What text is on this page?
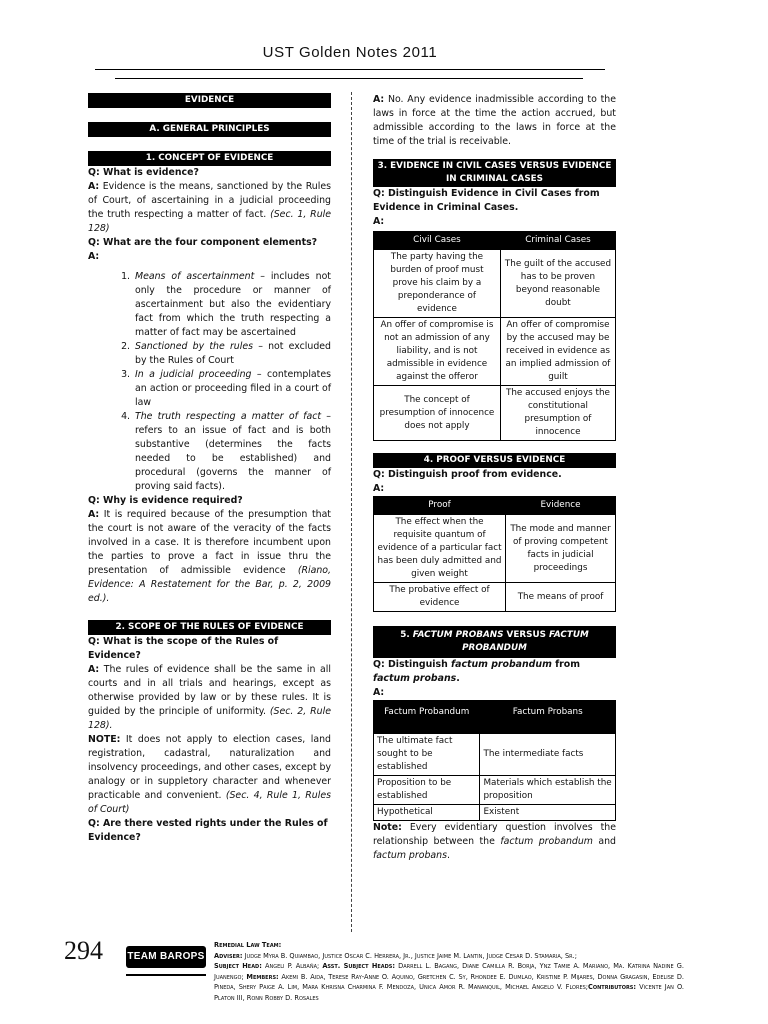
UST Golden Notes 2011
EVIDENCE
A. GENERAL PRINCIPLES
1. CONCEPT OF EVIDENCE

Q: What is evidence?

A: Evidence is the means, sanctioned by the Rules of Court, of ascertaining in a judicial proceeding the truth respecting a matter of fact. (Sec. 1, Rule 128)

Q: What are the four component elements?

A:

1. Means of ascertainment – includes not only the procedure or manner of ascertainment but also the evidentiary fact from which the truth respecting a matter of fact may be ascertained
2. Sanctioned by the rules – not excluded by the Rules of Court
3. In a judicial proceeding – contemplates an action or proceeding filed in a court of law
4. The truth respecting a matter of fact – refers to an issue of fact and is both substantive (determines the facts needed to be established) and procedural (governs the manner of proving said facts).

Q: Why is evidence required?

A: It is required because of the presumption that the court is not aware of the veracity of the facts involved in a case. It is therefore incumbent upon the parties to prove a fact in issue thru the presentation of admissible evidence (Riano, Evidence: A Restatement for the Bar, p. 2, 2009 ed.).

2. SCOPE OF THE RULES OF EVIDENCE

Q: What is the scope of the Rules of Evidence?

A: The rules of evidence shall be the same in all courts and in all trials and hearings, except as otherwise provided by law or by these rules. It is guided by the principle of uniformity. (Sec. 2, Rule 128).

NOTE: It does not apply to election cases, land registration, cadastral, naturalization and insolvency proceedings, and other cases, except by analogy or in suppletory character and whenever practicable and convenient. (Sec. 4, Rule 1, Rules of Court)

Q: Are there vested rights under the Rules of Evidence?

A: No. Any evidence inadmissible according to the laws in force at the time the action accrued, but admissible according to the laws in force at the time of the trial is receivable.

3. EVIDENCE IN CIVIL CASES VERSUS EVIDENCE IN CRIMINAL CASES

Q: Distinguish Evidence in Civil Cases from Evidence in Criminal Cases.

A:

Civil Cases	Criminal Cases
The party having the burden of proof must prove his claim by a preponderance of evidence	The guilt of the accused has to be proven beyond reasonable doubt
An offer of compromise is not an admission of any liability, and is not admissible in evidence against the offeror	An offer of compromise by the accused may be received in evidence as an implied admission of guilt
The concept of presumption of innocence does not apply	The accused enjoys the constitutional presumption of innocence
4. PROOF VERSUS EVIDENCE

Q: Distinguish proof from evidence.

A:

Proof	Evidence
The effect when the requisite quantum of evidence of a particular fact has been duly admitted and given weight	The mode and manner of proving competent facts in judicial proceedings
The probative effect of evidence	The means of proof
5. FACTUM PROBANS VERSUS FACTUM PROBANDUM

Q: Distinguish factum probandum from factum probans.

A:

Factum Probandum	Factum Probans
The ultimate fact sought to be established	The intermediate facts
Proposition to be established	Materials which establish the proposition
Hypothetical	Existent

Note: Every evidentiary question involves the relationship between the factum probandum and factum probans.

294 TEAM BAROPS
Remedial Law Team:
Adviser: Judge Myra B. Quiambao, Justice Oscar C. Herrera, Jr., Justice Jaime M. Lantin, Judge Cesar D. Stamaria, Sr.;
Subject Head: Angeli P. Albaña; Asst. Subject Heads: Darrell L. Bagang, Diane Camilla R. Borja, Ynz Tamie A. Mariano, Ma. Katrina Nadine G. Juanengo; Members: Akemi B. Aida, Terese Ray-Anne O. Aquino, Gretchen C. Sy, Rhondee E. Dumlao, Kristine P. Mijares, Donna Gragasin, Edelise D. Pineda, Shery Paige A. Lim, Mara Khrisna Charmina F. Mendoza, Unica Amor R. Mananquil, Michael Angelo V. Flores;Contributors: Vicente Jan O. Platon III, Ronn Robby D. Rosales
